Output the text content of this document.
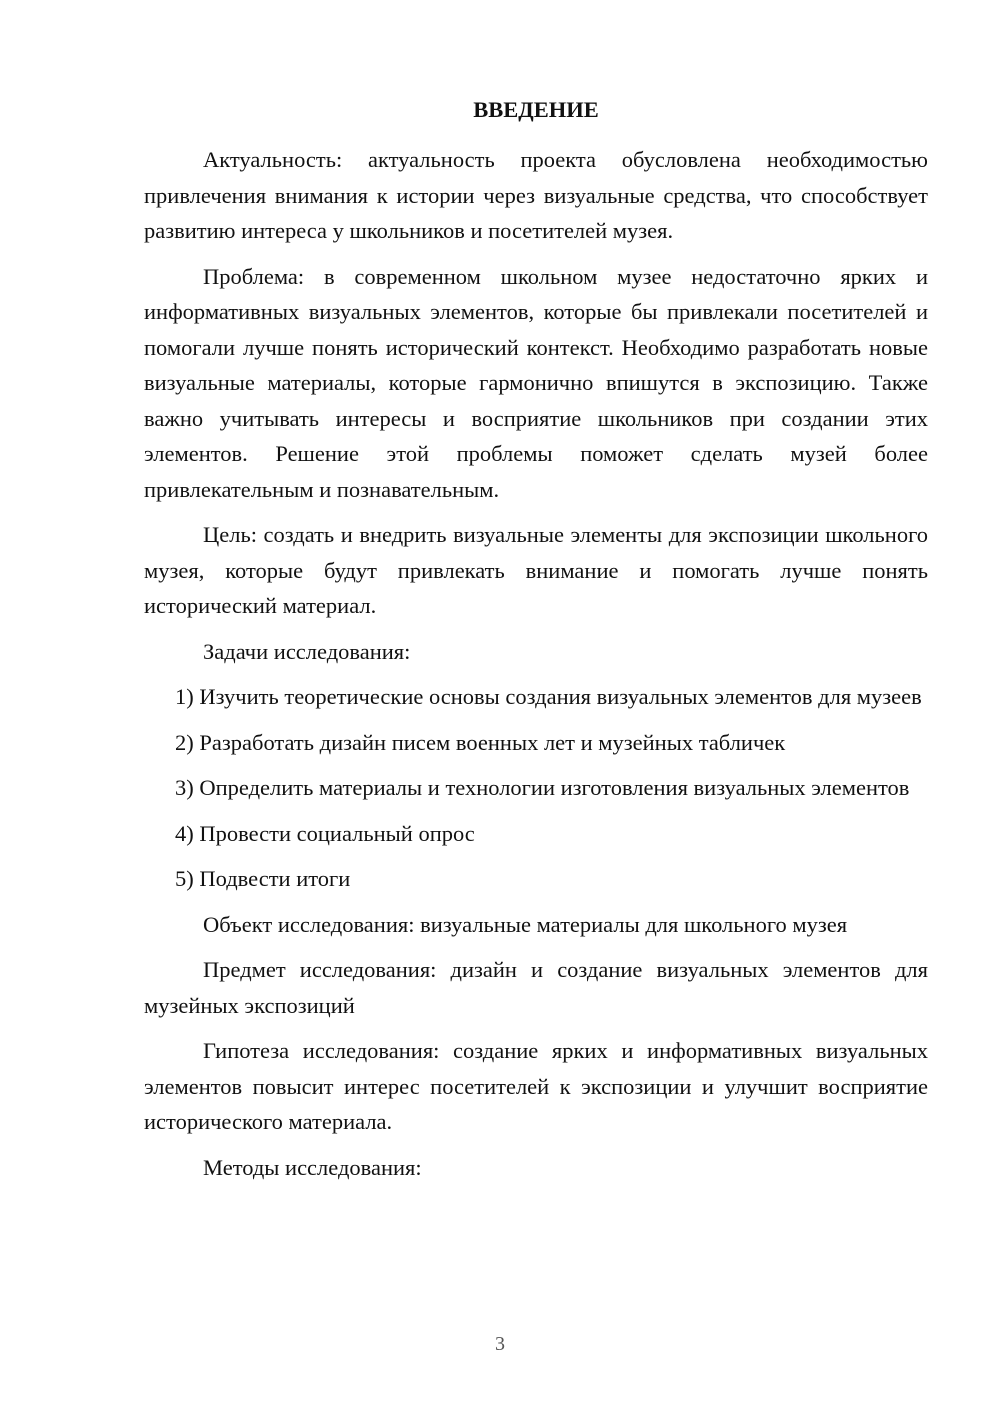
ВВЕДЕНИЕ

Актуальность: актуальность проекта обусловлена необходимостью привлечения внимания к истории через визуальные средства, что способствует развитию интереса у школьников и посетителей музея.

Проблема: в современном школьном музее недостаточно ярких и информативных визуальных элементов, которые бы привлекали посетителей и помогали лучше понять исторический контекст. Необходимо разработать новые визуальные материалы, которые гармонично впишутся в экспозицию. Также важно учитывать интересы и восприятие школьников при создании этих элементов. Решение этой проблемы поможет сделать музей более привлекательным и познавательным.

Цель: создать и внедрить визуальные элементы для экспозиции школьного музея, которые будут привлекать внимание и помогать лучше понять исторический материал.

Задачи исследования:

1) Изучить теоретические основы создания визуальных элементов для музеев

2) Разработать дизайн писем военных лет и музейных табличек

3) Определить материалы и технологии изготовления визуальных элементов

4) Провести социальный опрос

5) Подвести итоги

Объект исследования: визуальные материалы для школьного музея

Предмет исследования: дизайн и создание визуальных элементов для музейных экспозиций

Гипотеза исследования: создание ярких и информативных визуальных элементов повысит интерес посетителей к экспозиции и улучшит восприятие исторического материала.

Методы исследования:

3
